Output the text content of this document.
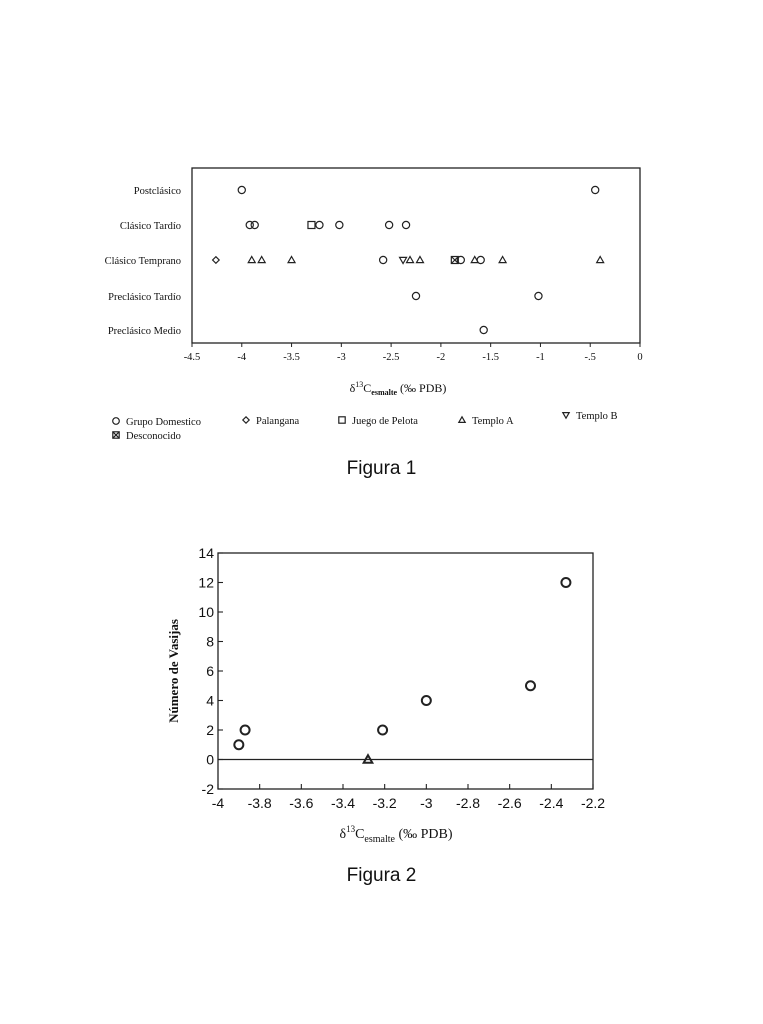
Postclásico
Clásico Tardío
Clásico Temprano
Preclásico Tardío
Preclásico Medio
-4.5	-4	-3.5	-3	-2.5	-2	-1.5	-1	-.5	0
$\delta^{13}C_{esmalte}$ (‰ PDB)
Grupo Domestico	Palangana	Juego de Pelota	Templo A	Templo B
Desconocido
-2
0
2
4
6
8
10
12
14
-4 -3.8 -3.6 -3.4 -3.2 -3 -2.8 -2.6 -2.4 -2.2
Número de Vasijas
$\delta^{13}C_{esmalte}$ (‰ PDB)
Figura 1
Figura 2
